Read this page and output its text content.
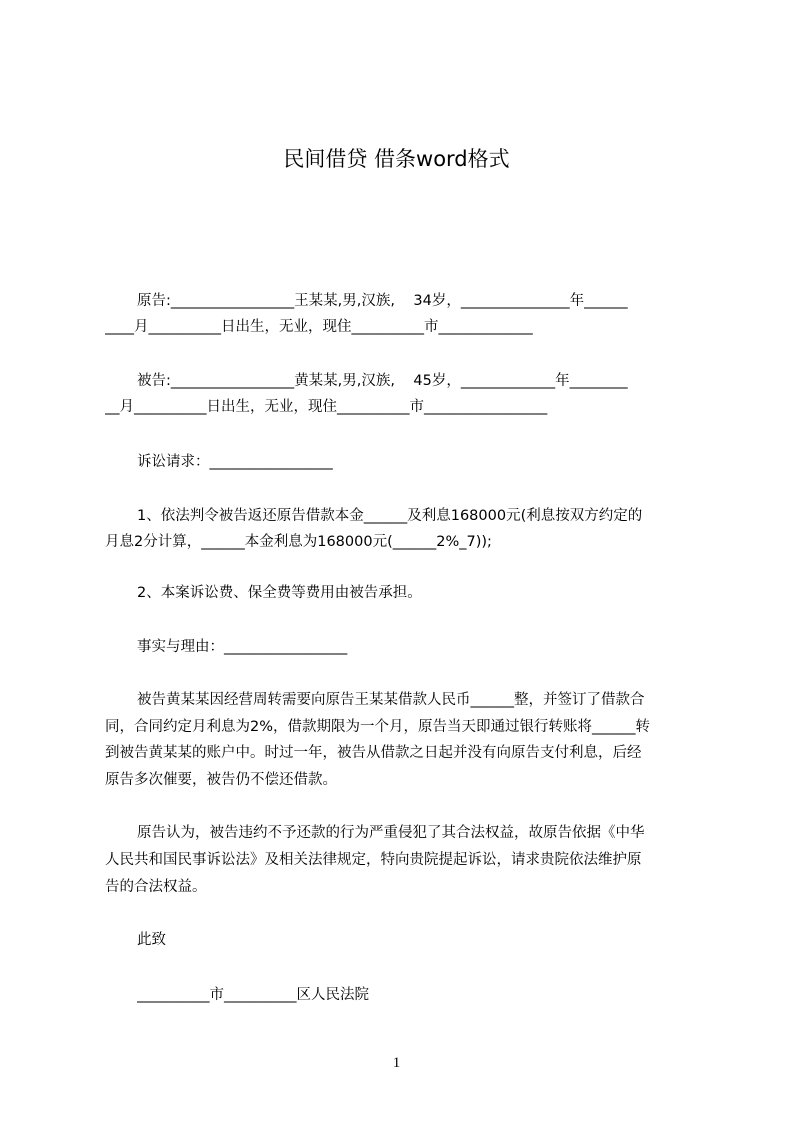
民间借贷 借条word格式
原告:_________________王某某,男,汉族,    34岁，_______________年______
____月__________日出生，无业，现住__________市_____________
被告:_________________黄某某,男,汉族,    45岁，_____________年________
__月__________日出生，无业，现住__________市_________________
诉讼请求：_________________
1、依法判令被告返还原告借款本金______及利息168000元(利息按双方约定的
月息2分计算，______本金利息为168000元(______2%_7));
2、本案诉讼费、保全费等费用由被告承担。
事实与理由：_________________
被告黄某某因经营周转需要向原告王某某借款人民币______整，并签订了借款合
同，合同约定月利息为2%，借款期限为一个月，原告当天即通过银行转账将______转
到被告黄某某的账户中。时过一年，被告从借款之日起并没有向原告支付利息，后经
原告多次催要，被告仍不偿还借款。
原告认为，被告违约不予还款的行为严重侵犯了其合法权益，故原告依据《中华
人民共和国民事诉讼法》及相关法律规定，特向贵院提起诉讼，请求贵院依法维护原
告的合法权益。
此致
__________市__________区人民法院
1
